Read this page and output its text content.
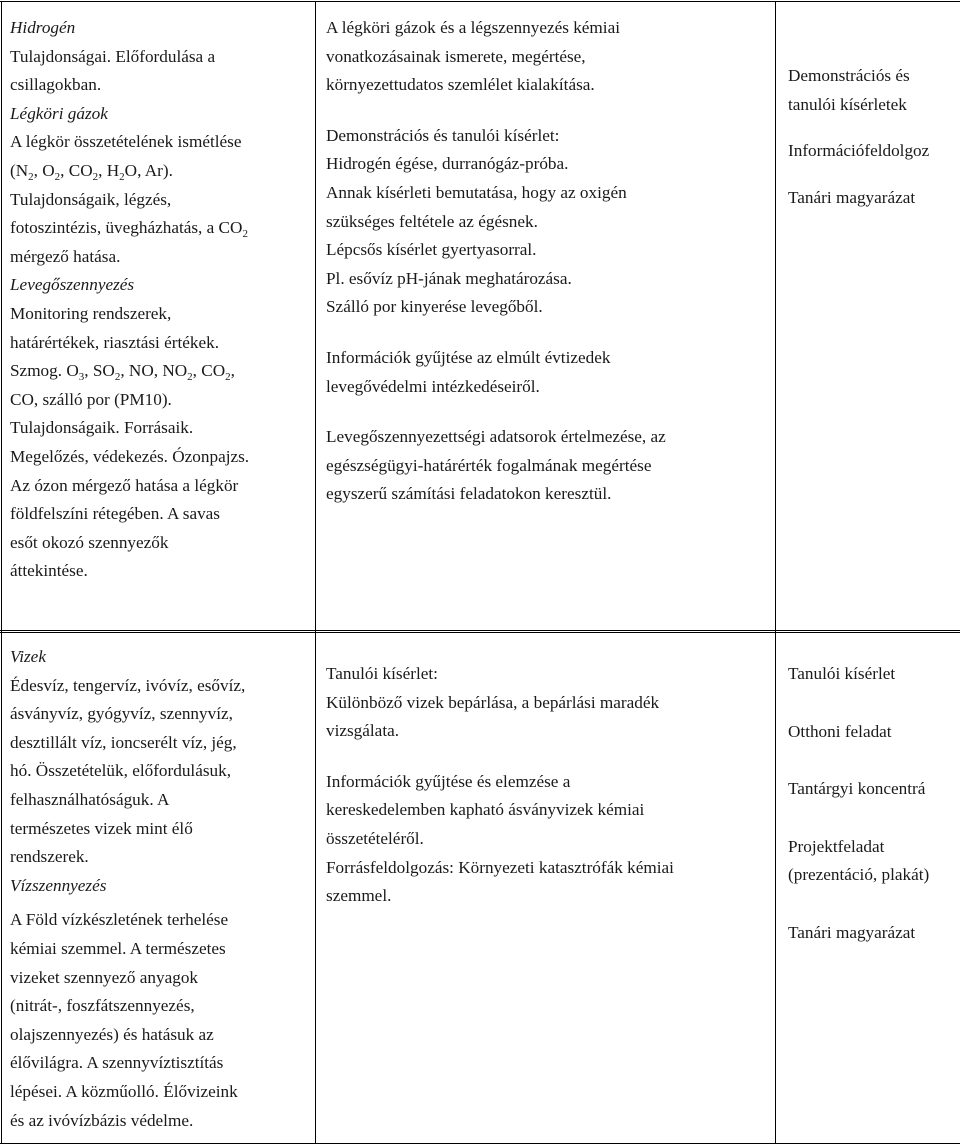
Hidrogén
Tulajdonságai. Előfordulása a
csillagokban.
Légköri gázok
A légkör összetételének ismétlése
($N_2$, $O_2$, $CO_2$, $H_2O$, Ar).
Tulajdonságaik, légzés,
fotoszintézis, üvegházhatás, a $CO_2$
mérgező hatása.
Levegőszennyezés
Monitoring rendszerek,
határértékek, riasztási értékek.
Szmog. $O_3$, $SO_2$, NO, $NO_2$, $CO_2$,
CO, szálló por (PM10).
Tulajdonságaik. Forrásaik.
Megelőzés, védekezés. Ózonpajzs.
Az ózon mérgező hatása a légkör
földfelszíni rétegében. A savas
esőt okozó szennyezők
áttekintése.
A légköri gázok és a légszennyezés kémiai
vonatkozásainak ismerete, megértése,
környezettudatos szemlélet kialakítása.
Demonstrációs és tanulói kísérlet:
Hidrogén égése, durranógáz-próba.
Annak kísérleti bemutatása, hogy az oxigén
szükséges feltétele az égésnek.
Lépcsős kísérlet gyertyasorral.
Pl. esővíz pH-jának meghatározása.
Szálló por kinyerése levegőből.
Információk gyűjtése az elmúlt évtizedek
levegővédelmi intézkedéseiről.
Levegőszennyezettségi adatsorok értelmezése, az
egészségügyi-határérték fogalmának megértése
egyszerű számítási feladatokon keresztül.
Demonstrációs és
tanulói kísérletek
Információfeldolgoz
Tanári magyarázat
Vizek
Édesvíz, tengervíz, ivóvíz, esővíz,
ásványvíz, gyógyvíz, szennyvíz,
desztillált víz, ioncserélt víz, jég,
hó. Összetételük, előfordulásuk,
felhasználhatóságuk. A
természetes vizek mint élő
rendszerek.
Vízszennyezés
A Föld vízkészletének terhelése
kémiai szemmel. A természetes
vizeket szennyező anyagok
(nitrát-, foszfátszennyezés,
olajszennyezés) és hatásuk az
élővilágra. A szennyvíztisztítás
lépései. A közműolló. Élővizeink
és az ivóvízbázis védelme.
Tanulói kísérlet:
Különböző vizek bepárlása, a bepárlási maradék
vizsgálata.
Információk gyűjtése és elemzése a
kereskedelemben kapható ásványvizek kémiai
összetételéről.
Forrásfeldolgozás: Környezeti katasztrófák kémiai
szemmel.
Tanulói kísérlet
Otthoni feladat
Tantárgyi koncentrá
Projektfeladat
(prezentáció, plakát)
Tanári magyarázat
